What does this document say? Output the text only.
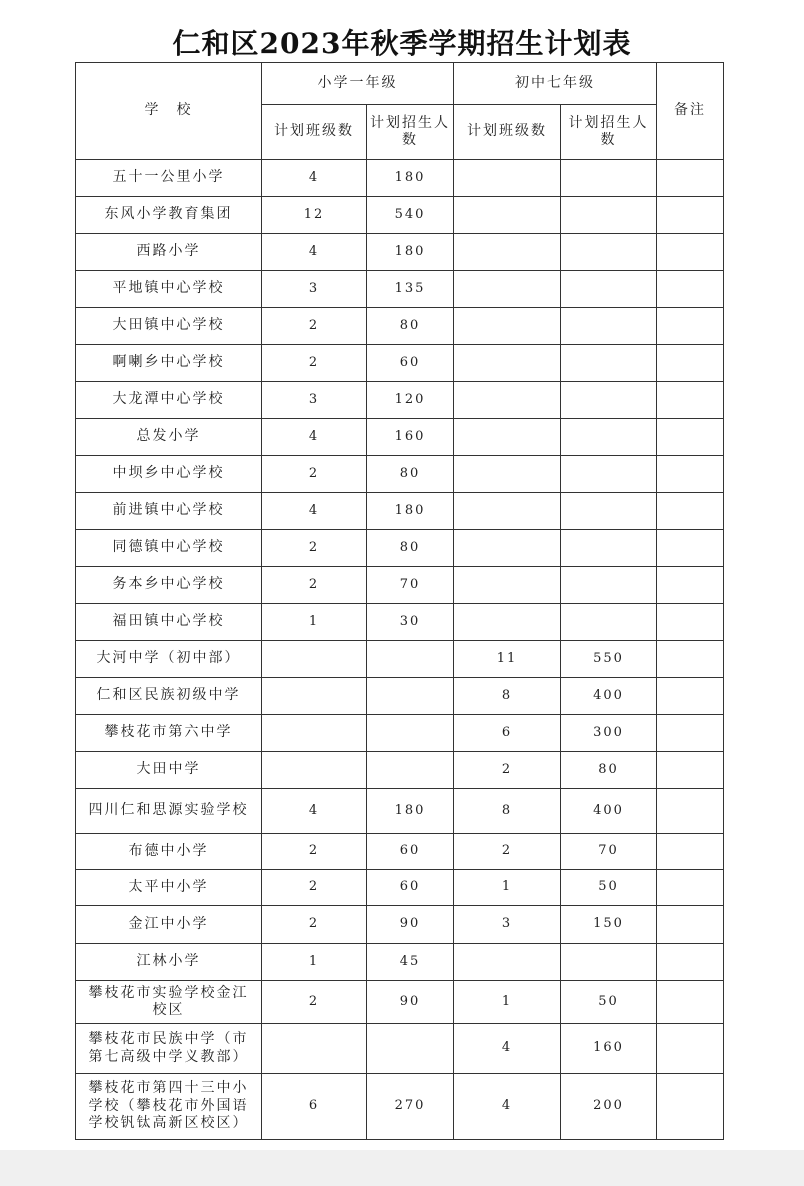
仁和区2023年秋季学期招生计划表
学　校	小学一年级		初中七年级		备注
	计划班级数	计划招生人数	计划班级数	计划招生人数	
五十一公里小学	4	180			
东风小学教育集团	12	540			
西路小学	4	180			
平地镇中心学校	3	135			
大田镇中心学校	2	80			
啊喇乡中心学校	2	60			
大龙潭中心学校	3	120			
总发小学	4	160			
中坝乡中心学校	2	80			
前进镇中心学校	4	180			
同德镇中心学校	2	80			
务本乡中心学校	2	70			
福田镇中心学校	1	30			
大河中学（初中部）			11	550	
仁和区民族初级中学			8	400	
攀枝花市第六中学			6	300	
大田中学			2	80	
四川仁和思源实验学校	4	180	8	400	
布德中小学	2	60	2	70	
太平中小学	2	60	1	50	
金江中小学	2	90	3	150	
江林小学	1	45			
攀枝花市实验学校金江校区	2	90	1	50	
攀枝花市民族中学（市第七高级中学义教部）			4	160	
攀枝花市第四十三中小学校（攀枝花市外国语学校钒钛高新区校区）	6	270	4	200	
